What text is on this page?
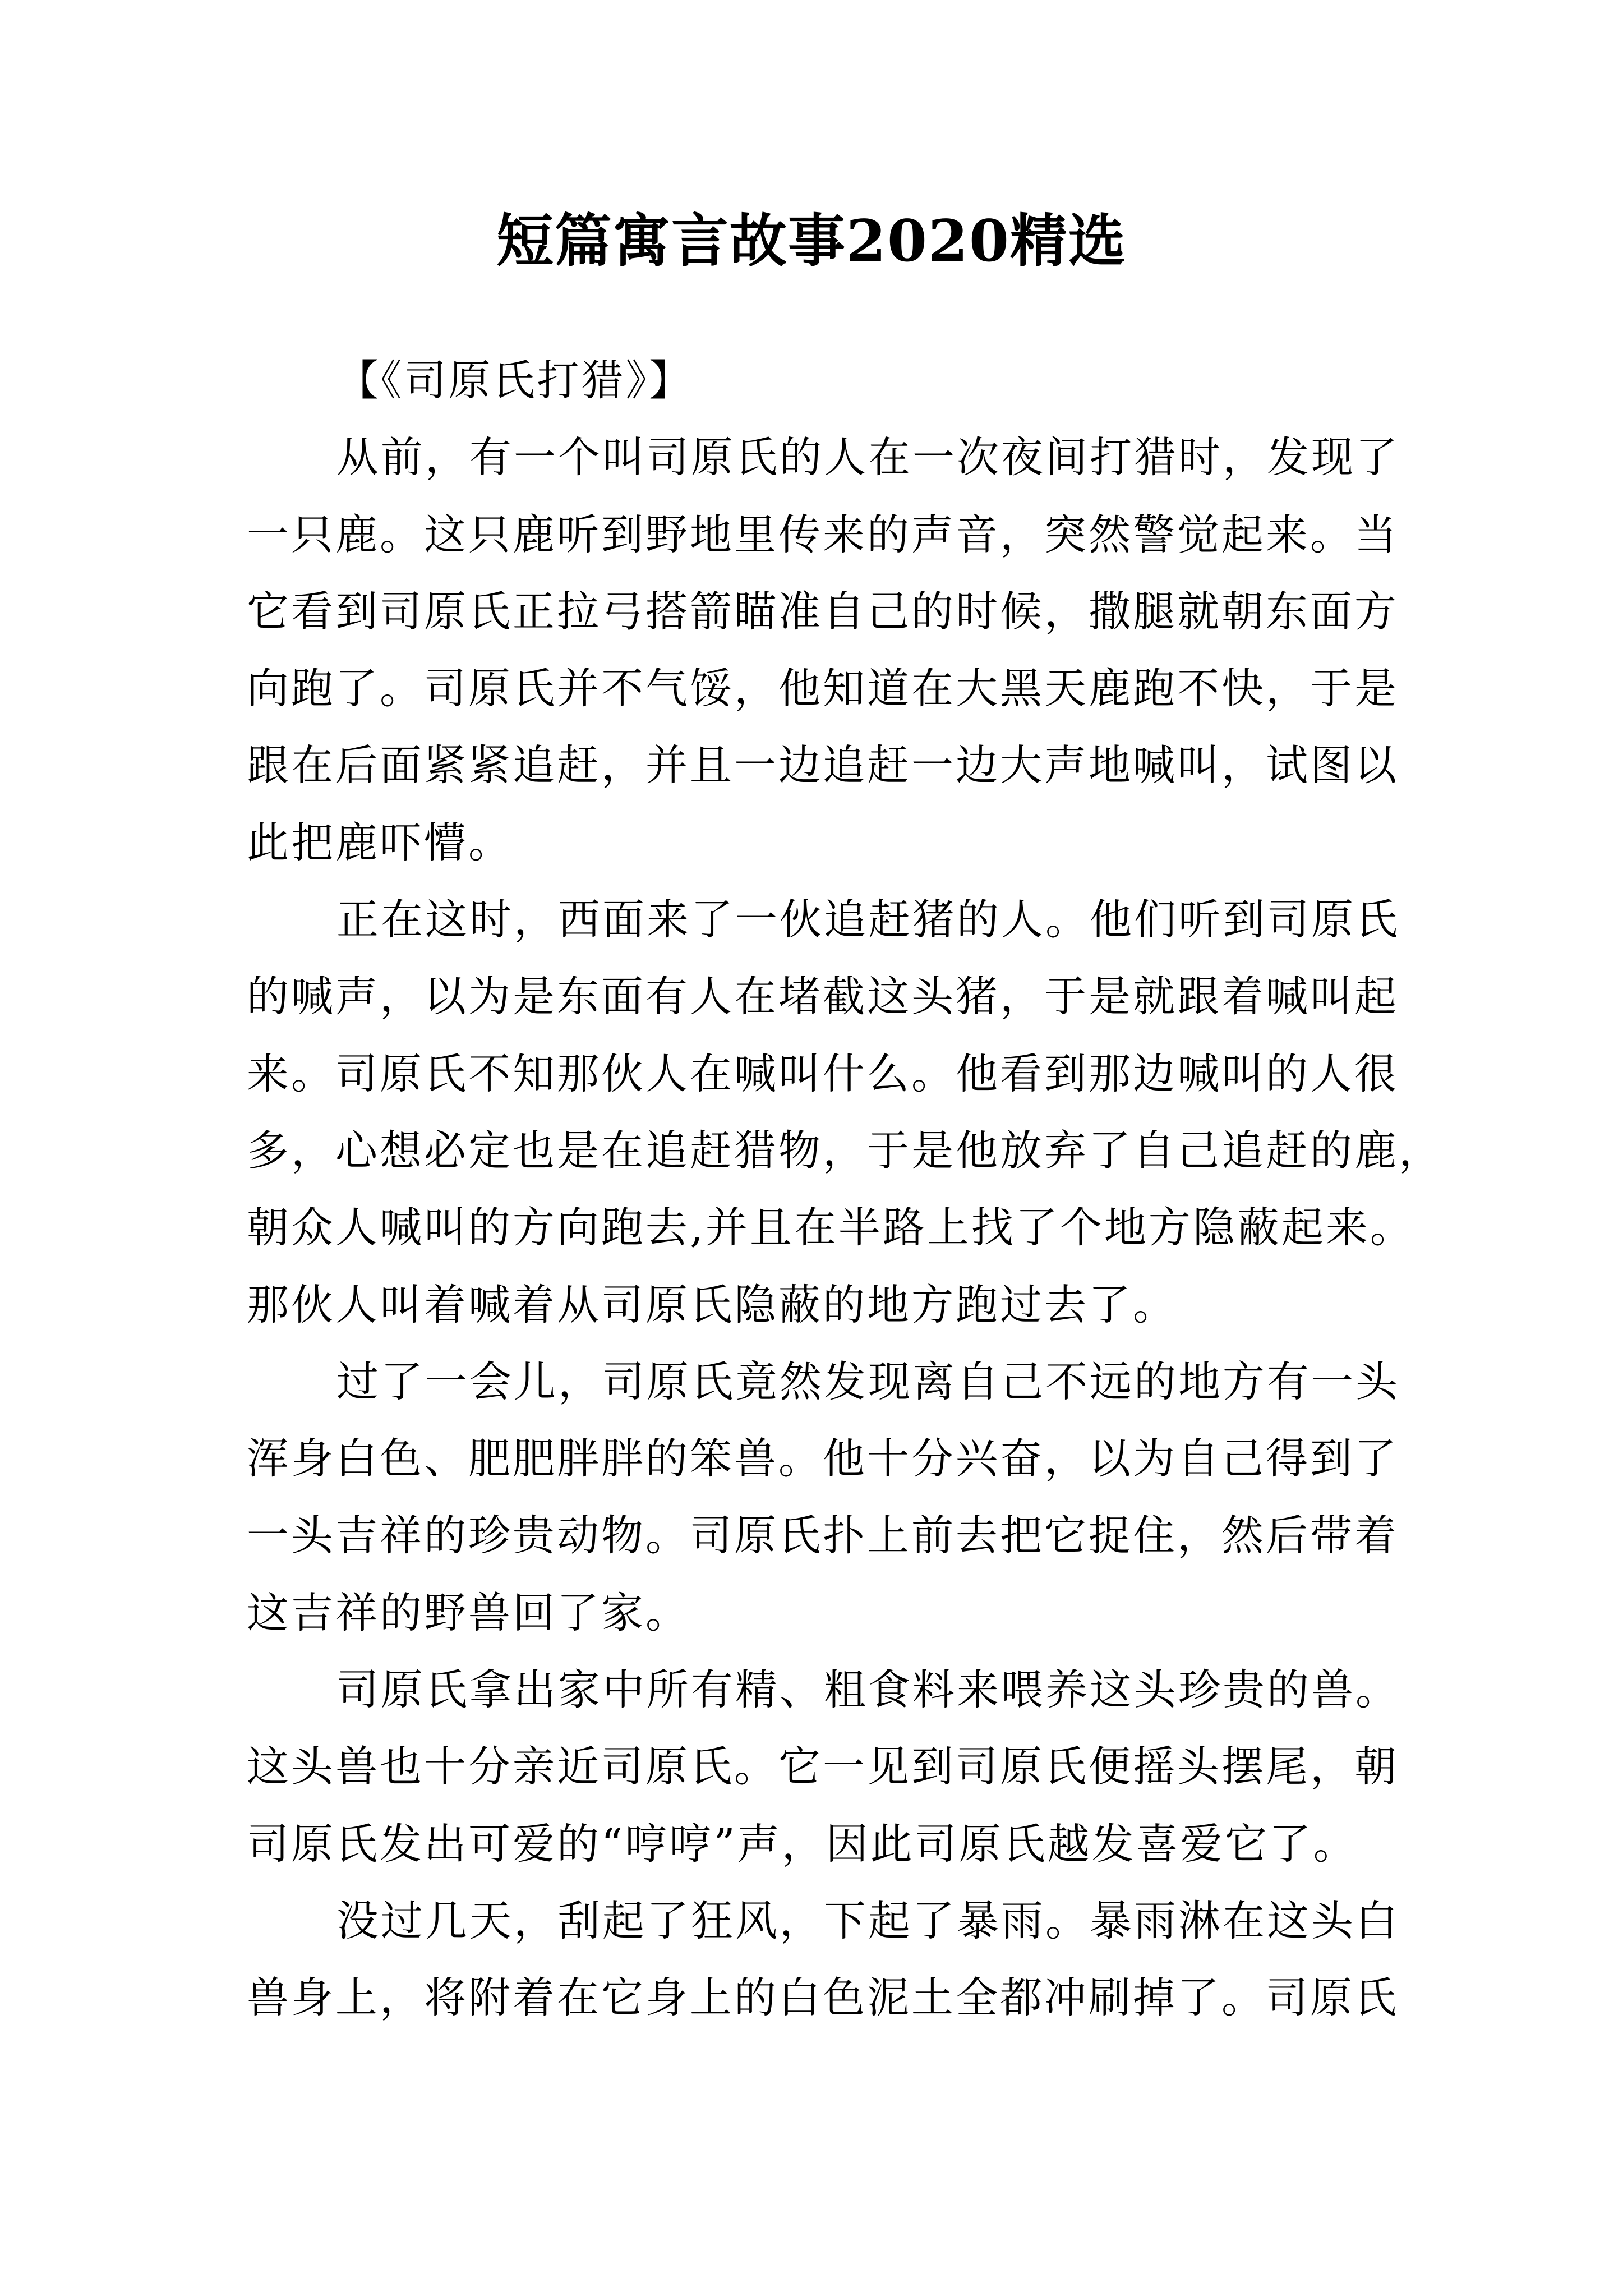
短篇寓言故事2020精选
【《司原氏打猎》】
从前，有一个叫司原氏的人在一次夜间打猎时，发现了
一只鹿。这只鹿听到野地里传来的声音，突然警觉起来。当
它看到司原氏正拉弓搭箭瞄准自己的时候，撒腿就朝东面方
向跑了。司原氏并不气馁，他知道在大黑天鹿跑不快，于是
跟在后面紧紧追赶，并且一边追赶一边大声地喊叫，试图以
此把鹿吓懵。
正在这时，西面来了一伙追赶猪的人。他们听到司原氏
的喊声，以为是东面有人在堵截这头猪，于是就跟着喊叫起
来。司原氏不知那伙人在喊叫什么。他看到那边喊叫的人很
多，心想必定也是在追赶猎物，于是他放弃了自己追赶的鹿，
朝众人喊叫的方向跑去,并且在半路上找了个地方隐蔽起来。
那伙人叫着喊着从司原氏隐蔽的地方跑过去了。
过了一会儿，司原氏竟然发现离自己不远的地方有一头
浑身白色、肥肥胖胖的笨兽。他十分兴奋，以为自己得到了
一头吉祥的珍贵动物。司原氏扑上前去把它捉住，然后带着
这吉祥的野兽回了家。
司原氏拿出家中所有精、粗食料来喂养这头珍贵的兽。
这头兽也十分亲近司原氏。它一见到司原氏便摇头摆尾，朝
司原氏发出可爱的“哼哼”声，因此司原氏越发喜爱它了。
没过几天，刮起了狂风，下起了暴雨。暴雨淋在这头白
兽身上，将附着在它身上的白色泥土全都冲刷掉了。司原氏
